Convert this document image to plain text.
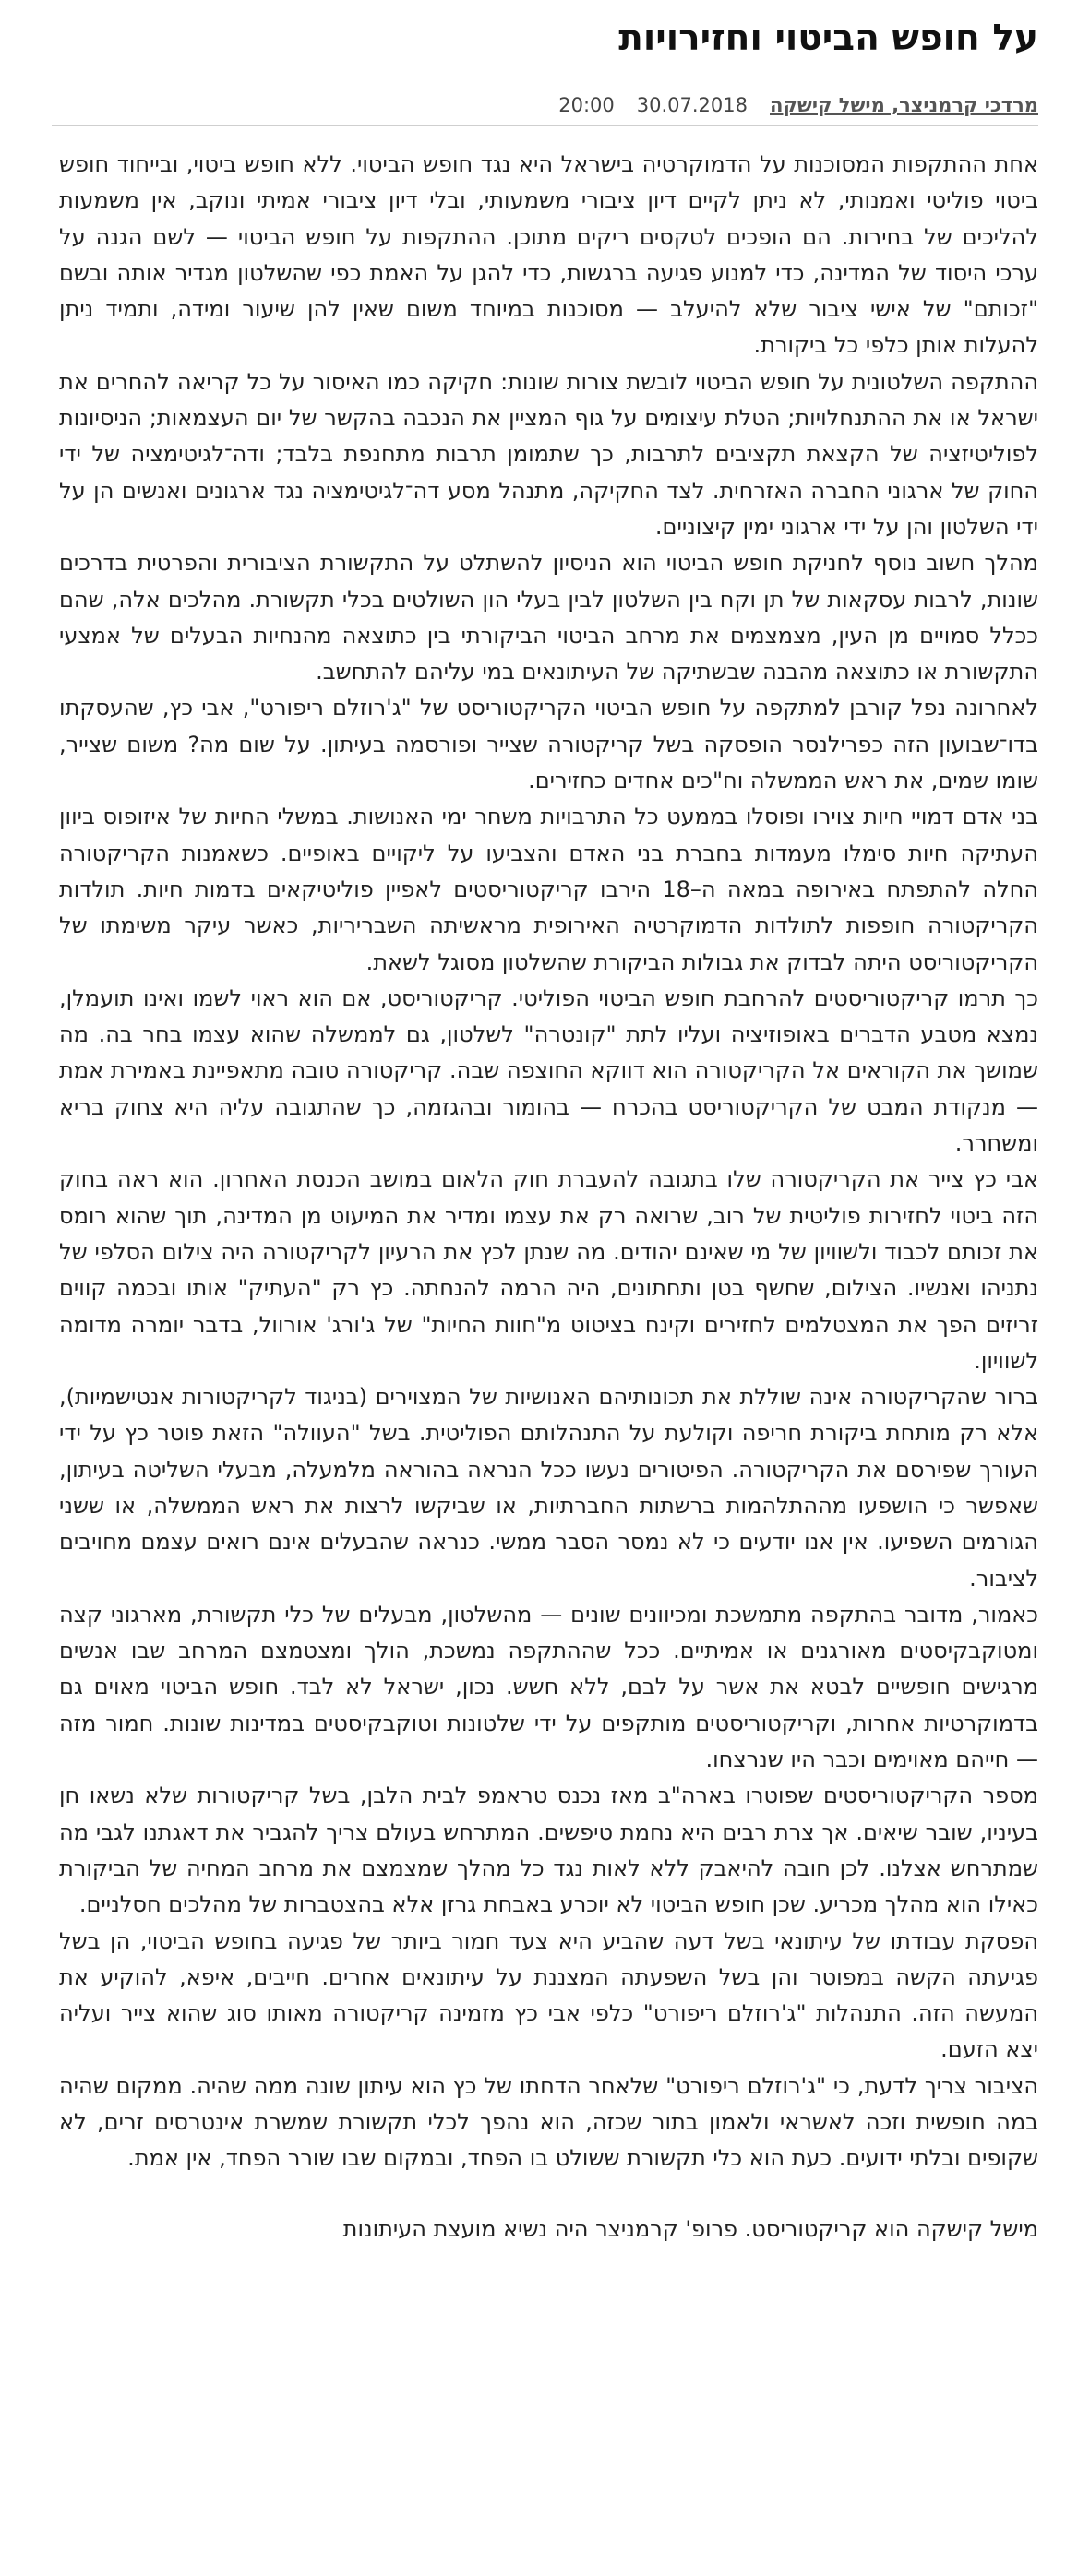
על חופש הביטוי וחזירויות
מרדכי קרמניצר, מישל קישקה
30.07.2018
20:00

אחת ההתקפות המסוכנות על הדמוקרטיה בישראל היא נגד חופש הביטוי. ללא חופש ביטוי, ובייחוד חופש ביטוי פוליטי ואמנותי, לא ניתן לקיים דיון ציבורי משמעותי, ובלי דיון ציבורי אמיתי ונוקב, אין משמעות להליכים של בחירות. הם הופכים לטקסים ריקים מתוכן. ההתקפות על חופש הביטוי — לשם הגנה על ערכי היסוד של המדינה, כדי למנוע פגיעה ברגשות, כדי להגן על האמת כפי שהשלטון מגדיר אותה ובשם "זכותם" של אישי ציבור שלא להיעלב — מסוכנות במיוחד משום שאין להן שיעור ומידה, ותמיד ניתן להעלות אותן כלפי כל ביקורת.

ההתקפה השלטונית על חופש הביטוי לובשת צורות שונות: חקיקה כמו האיסור על כל קריאה להחרים את ישראל או את ההתנחלויות; הטלת עיצומים על גוף המציין את הנכבה בהקשר של יום העצמאות; הניסיונות לפוליטיזציה של הקצאת תקציבים לתרבות, כך שתמומן תרבות מתחנפת בלבד; ודה־לגיטימציה של ידי החוק של ארגוני החברה האזרחית. לצד החקיקה, מתנהל מסע דה־לגיטימציה נגד ארגונים ואנשים הן על ידי השלטון והן על ידי ארגוני ימין קיצוניים.

מהלך חשוב נוסף לחניקת חופש הביטוי הוא הניסיון להשתלט על התקשורת הציבורית והפרטית בדרכים שונות, לרבות עסקאות של תן וקח בין השלטון לבין בעלי הון השולטים בכלי תקשורת. מהלכים אלה, שהם ככלל סמויים מן העין, מצמצמים את מרחב הביטוי הביקורתי בין כתוצאה מהנחיות הבעלים של אמצעי התקשורת או כתוצאה מהבנה שבשתיקה של העיתונאים במי עליהם להתחשב.

לאחרונה נפל קורבן למתקפה על חופש הביטוי הקריקטוריסט של "ג'רוזלם ריפורט", אבי כץ, שהעסקתו בדו־שבועון הזה כפרילנסר הופסקה בשל קריקטורה שצייר ופורסמה בעיתון. על שום מה? משום שצייר, שומו שמים, את ראש הממשלה וח"כים אחדים כחזירים.

בני אדם דמויי חיות צוירו ופוסלו בממעט כל התרבויות משחר ימי האנושות. במשלי החיות של איזופוס ביוון העתיקה חיות סימלו מעמדות בחברת בני האדם והצביעו על ליקויים באופיים. כשאמנות הקריקטורה החלה להתפתח באירופה במאה ה–18 הירבו קריקטוריסטים לאפיין פוליטיקאים בדמות חיות. תולדות הקריקטורה חופפות לתולדות הדמוקרטיה האירופית מראשיתה השבריריות, כאשר עיקר משימתו של הקריקטוריסט היתה לבדוק את גבולות הביקורת שהשלטון מסוגל לשאת.

כך תרמו קריקטוריסטים להרחבת חופש הביטוי הפוליטי. קריקטוריסט, אם הוא ראוי לשמו ואינו תועמלן, נמצא מטבע הדברים באופוזיציה ועליו לתת "קונטרה" לשלטון, גם לממשלה שהוא עצמו בחר בה. מה שמושך את הקוראים אל הקריקטורה הוא דווקא החוצפה שבה. קריקטורה טובה מתאפיינת באמירת אמת — מנקודת המבט של הקריקטוריסט בהכרח — בהומור ובהגזמה, כך שהתגובה עליה היא צחוק בריא ומשחרר.

אבי כץ צייר את הקריקטורה שלו בתגובה להעברת חוק הלאום במושב הכנסת האחרון. הוא ראה בחוק הזה ביטוי לחזירות פוליטית של רוב, שרואה רק את עצמו ומדיר את המיעוט מן המדינה, תוך שהוא רומס את זכותם לכבוד ולשוויון של מי שאינם יהודים. מה שנתן לכץ את הרעיון לקריקטורה היה צילום הסלפי של נתניהו ואנשיו. הצילום, שחשף בטן ותחתונים, היה הרמה להנחתה. כץ רק "העתיק" אותו ובכמה קווים זריזים הפך את המצטלמים לחזירים וקינח בציטוט מ"חוות החיות" של ג'ורג' אורוול, בדבר יומרה מדומה לשוויון.

ברור שהקריקטורה אינה שוללת את תכונותיהם האנושיות של המצוירים (בניגוד לקריקטורות אנטישמיות), אלא רק מותחת ביקורת חריפה וקולעת על התנהלותם הפוליטית. בשל "העוולה" הזאת פוטר כץ על ידי העורך שפירסם את הקריקטורה. הפיטורים נעשו ככל הנראה בהוראה מלמעלה, מבעלי השליטה בעיתון, שאפשר כי הושפעו מההתלהמות ברשתות החברתיות, או שביקשו לרצות את ראש הממשלה, או ששני הגורמים השפיעו. אין אנו יודעים כי לא נמסר הסבר ממשי. כנראה שהבעלים אינם רואים עצמם מחויבים לציבור.

כאמור, מדובר בהתקפה מתמשכת ומכיוונים שונים — מהשלטון, מבעלים של כלי תקשורת, מארגוני קצה ומטוקבקיסטים מאורגנים או אמיתיים. ככל שההתקפה נמשכת, הולך ומצטמצם המרחב שבו אנשים מרגישים חופשיים לבטא את אשר על לבם, ללא חשש. נכון, ישראל לא לבד. חופש הביטוי מאוים גם בדמוקרטיות אחרות, וקריקטוריסטים מותקפים על ידי שלטונות וטוקבקיסטים במדינות שונות. חמור מזה — חייהם מאוימים וכבר היו שנרצחו.

מספר הקריקטוריסטים שפוטרו בארה"ב מאז נכנס טראמפ לבית הלבן, בשל קריקטורות שלא נשאו חן בעיניו, שובר שיאים. אך צרת רבים היא נחמת טיפשים. המתרחש בעולם צריך להגביר את דאגתנו לגבי מה שמתרחש אצלנו. לכן חובה להיאבק ללא לאות נגד כל מהלך שמצמצם את מרחב המחיה של הביקורת כאילו הוא מהלך מכריע. שכן חופש הביטוי לא יוכרע באבחת גרזן אלא בהצטברות של מהלכים חסלניים.

הפסקת עבודתו של עיתונאי בשל דעה שהביע היא צעד חמור ביותר של פגיעה בחופש הביטוי, הן בשל פגיעתה הקשה במפוטר והן בשל השפעתה המצננת על עיתונאים אחרים. חייבים, איפא, להוקיע את המעשה הזה. התנהלות "ג'רוזלם ריפורט" כלפי אבי כץ מזמינה קריקטורה מאותו סוג שהוא צייר ועליה יצא הזעם.

הציבור צריך לדעת, כי "ג'רוזלם ריפורט" שלאחר הדחתו של כץ הוא עיתון שונה ממה שהיה. ממקום שהיה במה חופשית וזכה לאשראי ולאמון בתור שכזה, הוא נהפך לכלי תקשורת שמשרת אינטרסים זרים, לא שקופים ובלתי ידועים. כעת הוא כלי תקשורת ששולט בו הפחד, ובמקום שבו שורר הפחד, אין אמת.

מישל קישקה הוא קריקטוריסט. פרופ' קרמניצר היה נשיא מועצת העיתונות
